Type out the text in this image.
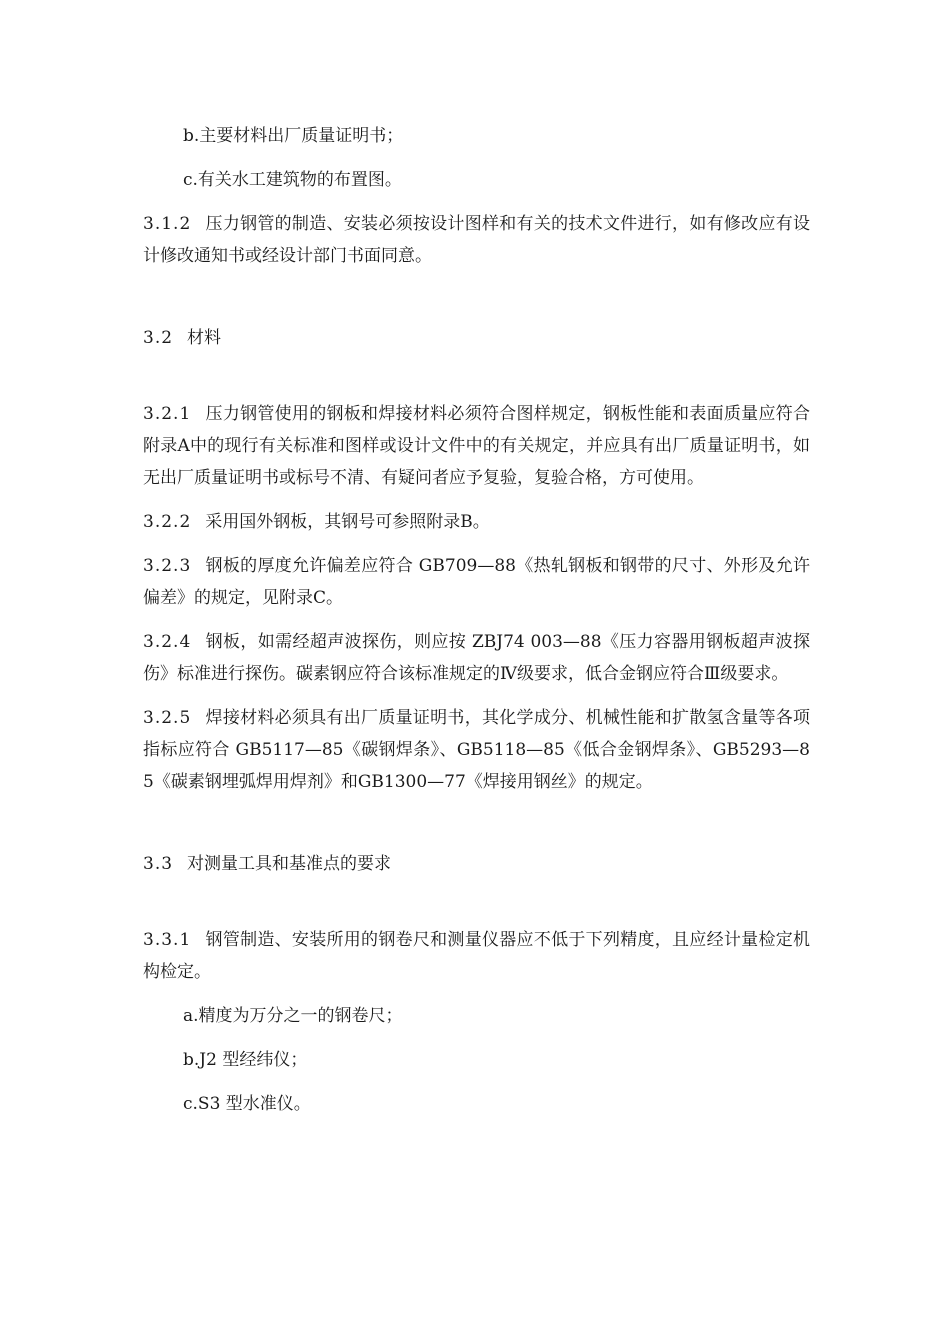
b.主要材料出厂质量证明书；

c.有关水工建筑物的布置图。

3.1.2 压力钢管的制造、安装必须按设计图样和有关的技术文件进行，如有修改应有设计修改通知书或经设计部门书面同意。

3.2 材料

3.2.1 压力钢管使用的钢板和焊接材料必须符合图样规定，钢板性能和表面质量应符合附录A中的现行有关标准和图样或设计文件中的有关规定，并应具有出厂质量证明书，如无出厂质量证明书或标号不清、有疑问者应予复验，复验合格，方可使用。

3.2.2 采用国外钢板，其钢号可参照附录B。

3.2.3 钢板的厚度允许偏差应符合 GB709—88《热轧钢板和钢带的尺寸、外形及允许偏差》的规定，见附录C。

3.2.4 钢板，如需经超声波探伤，则应按 ZBJ74 003—88《压力容器用钢板超声波探伤》标准进行探伤。碳素钢应符合该标准规定的Ⅳ级要求，低合金钢应符合Ⅲ级要求。

3.2.5 焊接材料必须具有出厂质量证明书，其化学成分、机械性能和扩散氢含量等各项指标应符合 GB5117—85《碳钢焊条》、GB5118—85《低合金钢焊条》、GB5293—85《碳素钢埋弧焊用焊剂》和GB1300—77《焊接用钢丝》的规定。

3.3 对测量工具和基准点的要求

3.3.1 钢管制造、安装所用的钢卷尺和测量仪器应不低于下列精度，且应经计量检定机构检定。

a.精度为万分之一的钢卷尺；

b.J2 型经纬仪；

c.S3 型水准仪。
